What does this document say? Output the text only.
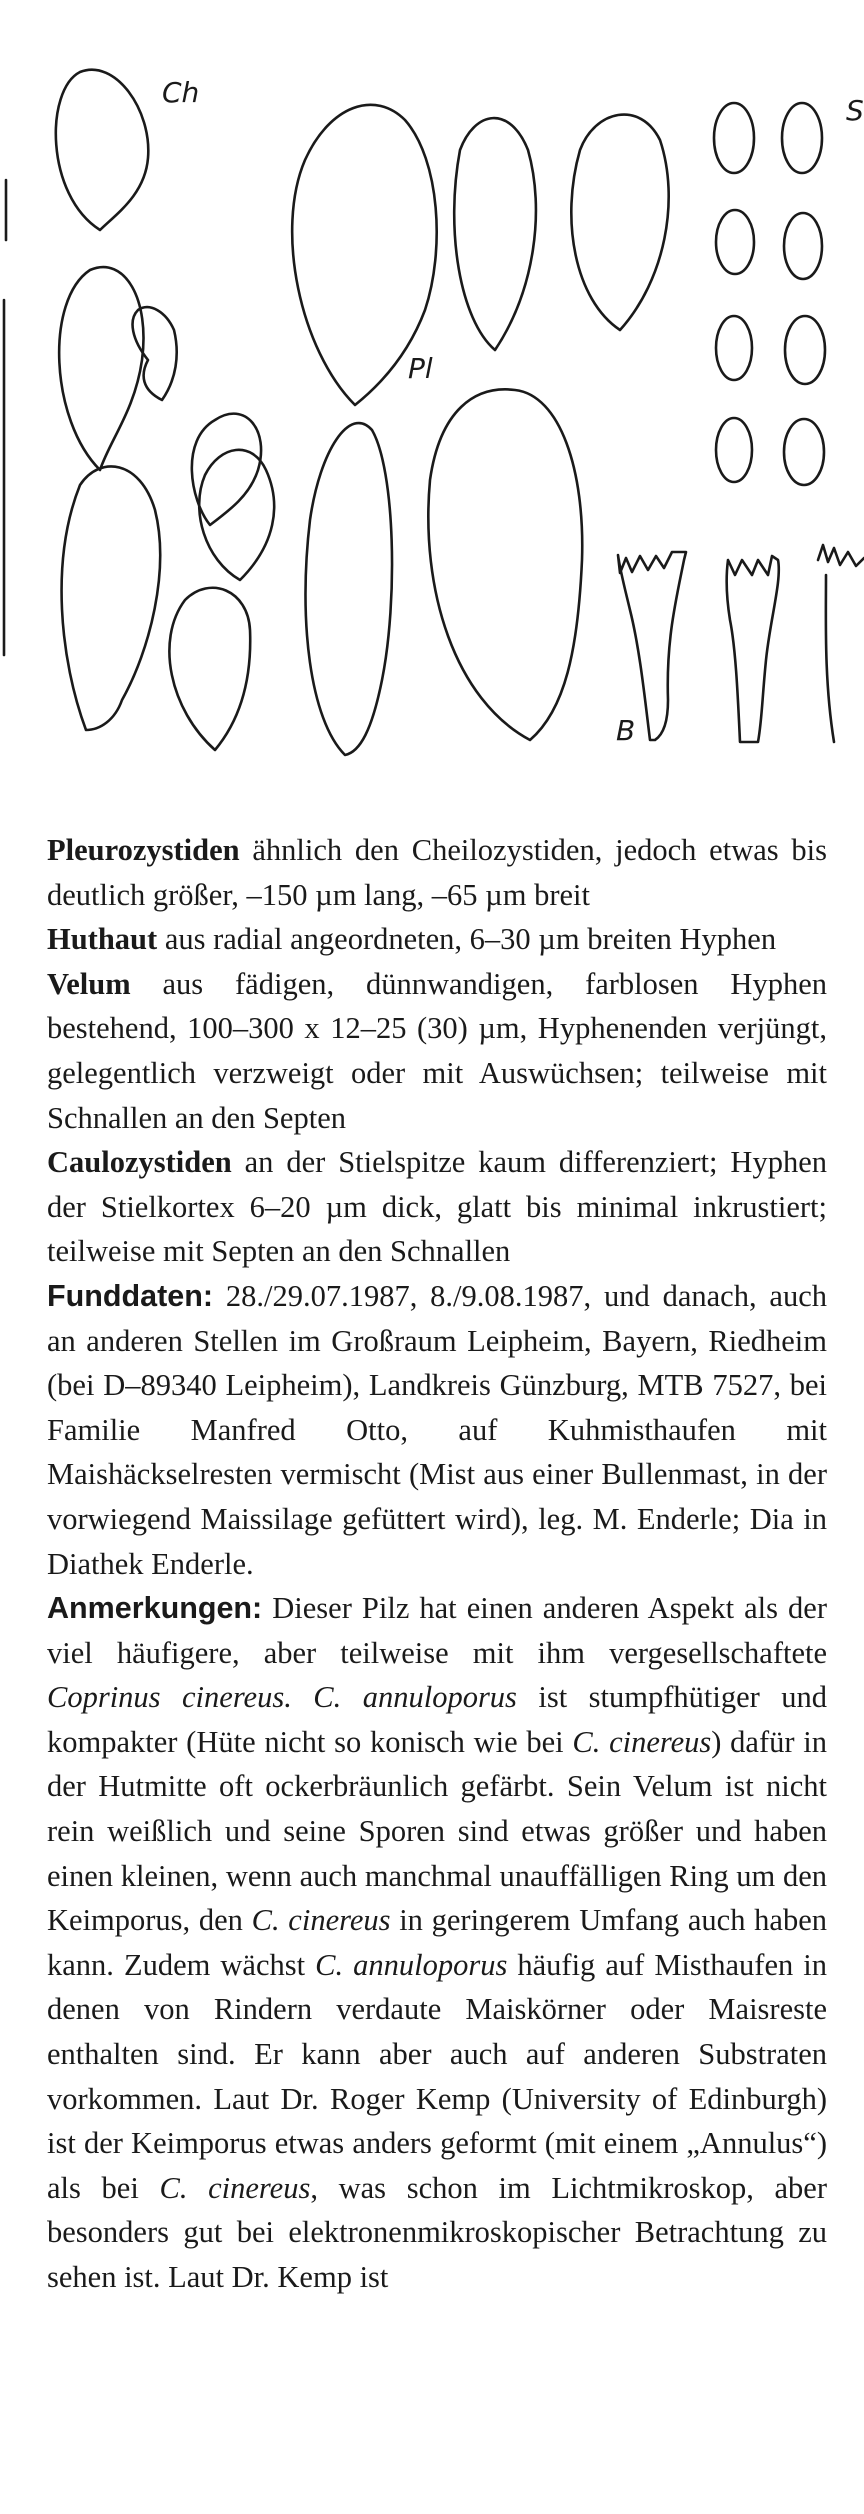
Ch
Pl
S
B

Pleurozystiden ähnlich den Cheilozystiden, jedoch etwas bis deutlich größer, –150 µm lang, –65 µm breit

Huthaut aus radial angeordneten, 6–30 µm breiten Hyphen

Velum aus fädigen, dünnwandigen, farblosen Hyphen bestehend, 100–300 x 12–25 (30) µm, Hyphenenden verjüngt, gelegentlich verzweigt oder mit Auswüchsen; teilweise mit Schnallen an den Septen

Caulozystiden an der Stielspitze kaum differenziert; Hyphen der Stielkortex 6–20 µm dick, glatt bis minimal inkrustiert; teilweise mit Septen an den Schnallen

Funddaten: 28./29.07.1987, 8./9.08.1987, und danach, auch an anderen Stellen im Großraum Leipheim, Bayern, Riedheim (bei D–89340 Leipheim), Landkreis Günzburg, MTB 7527, bei Familie Manfred Otto, auf Kuhmisthaufen mit Maishäckselresten vermischt (Mist aus einer Bullenmast, in der vorwiegend Maissilage gefüttert wird), leg. M. Enderle; Dia in Diathek Enderle.

Anmerkungen: Dieser Pilz hat einen anderen Aspekt als der viel häufigere, aber teilweise mit ihm vergesellschaftete Coprinus cinereus. C. annuloporus ist stumpfhütiger und kompakter (Hüte nicht so konisch wie bei C. cinereus) dafür in der Hutmitte oft ockerbräunlich gefärbt. Sein Velum ist nicht rein weißlich und seine Sporen sind etwas größer und haben einen kleinen, wenn auch manchmal unauffälligen Ring um den Keimporus, den C. cinereus in geringerem Umfang auch haben kann. Zudem wächst C. annuloporus häufig auf Misthaufen in denen von Rindern verdaute Maiskörner oder Maisreste enthalten sind. Er kann aber auch auf anderen Substraten vorkommen. Laut Dr. Roger Kemp (University of Edinburgh) ist der Keimporus etwas anders geformt (mit einem „Annulus“) als bei C. cinereus, was schon im Lichtmikroskop, aber besonders gut bei elektronenmikroskopischer Betrachtung zu sehen ist. Laut Dr. Kemp ist
